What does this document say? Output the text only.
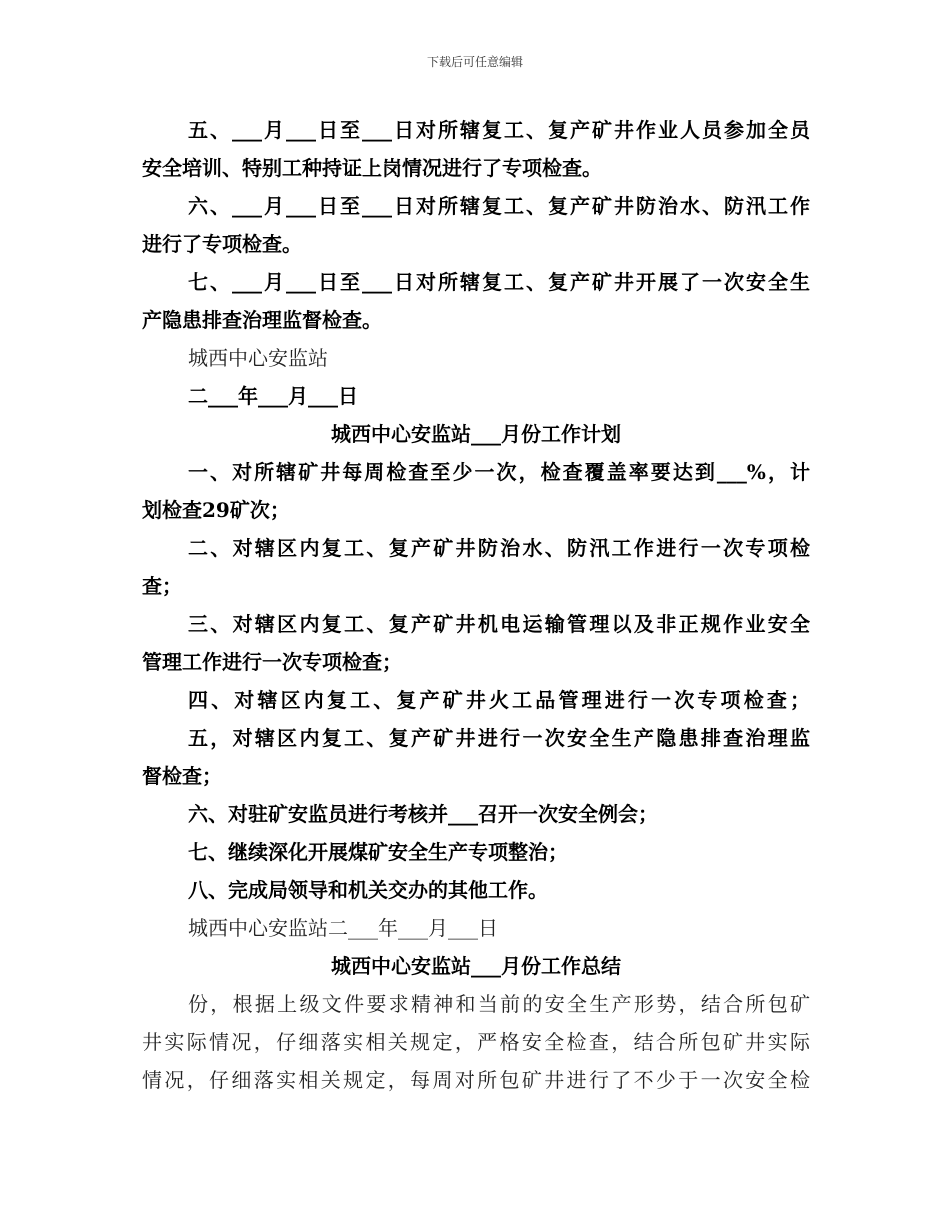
下载后可任意编辑
五、___月___日至___日对所辖复工、复产矿井作业人员参加全员
安全培训、特别工种持证上岗情况进行了专项检查。
六、___月___日至___日对所辖复工、复产矿井防治水、防汛工作
进行了专项检查。
七、___月___日至___日对所辖复工、复产矿井开展了一次安全生
产隐患排查治理监督检查。
城西中心安监站
二___年___月___日
城西中心安监站___月份工作计划
一、对所辖矿井每周检查至少一次，检查覆盖率要达到___%，计
划检查29矿次；
二、对辖区内复工、复产矿井防治水、防汛工作进行一次专项检
查；
三、对辖区内复工、复产矿井机电运输管理以及非正规作业安全
管理工作进行一次专项检查；
四、对辖区内复工、复产矿井火工品管理进行一次专项检查；
五，对辖区内复工、复产矿井进行一次安全生产隐患排查治理监
督检查；
六、对驻矿安监员进行考核并___召开一次安全例会；
七、继续深化开展煤矿安全生产专项整治；
八、完成局领导和机关交办的其他工作。
城西中心安监站二___年___月___日
城西中心安监站___月份工作总结
份，根据上级文件要求精神和当前的安全生产形势，结合所包矿
井实际情况，仔细落实相关规定，严格安全检查，结合所包矿井实际
情况，仔细落实相关规定，每周对所包矿井进行了不少于一次安全检
